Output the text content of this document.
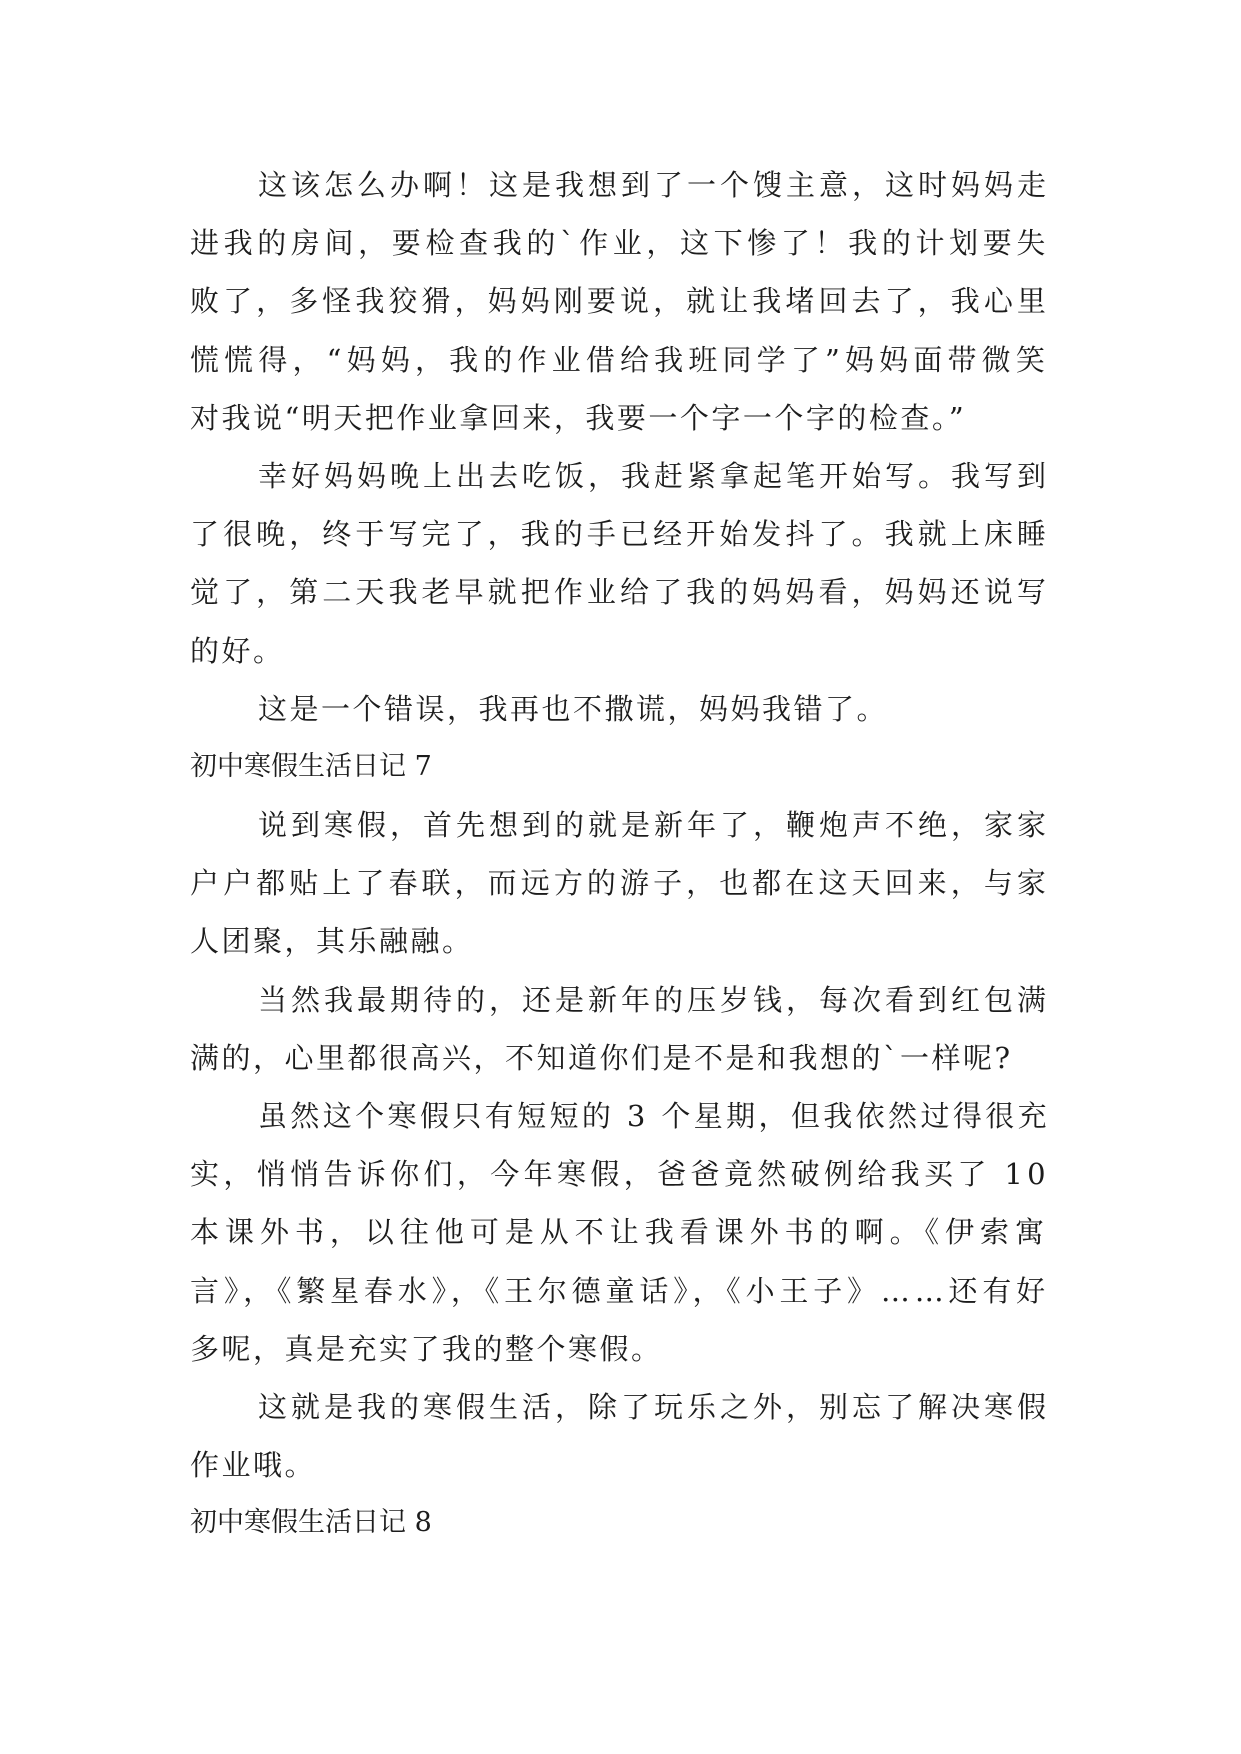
这该怎么办啊！这是我想到了一个馊主意，这时妈妈走
进我的房间，要检查我的`作业，这下惨了！我的计划要失
败了，多怪我狡猾，妈妈刚要说，就让我堵回去了，我心里
慌慌得，“妈妈，我的作业借给我班同学了”妈妈面带微笑
对我说“明天把作业拿回来，我要一个字一个字的检查。”
幸好妈妈晚上出去吃饭，我赶紧拿起笔开始写。我写到
了很晚，终于写完了，我的手已经开始发抖了。我就上床睡
觉了，第二天我老早就把作业给了我的妈妈看，妈妈还说写
的好。
这是一个错误，我再也不撒谎，妈妈我错了。
初中寒假生活日记 7
说到寒假，首先想到的就是新年了，鞭炮声不绝，家家
户户都贴上了春联，而远方的游子，也都在这天回来，与家
人团聚，其乐融融。
当然我最期待的，还是新年的压岁钱，每次看到红包满
满的，心里都很高兴，不知道你们是不是和我想的`一样呢?
虽然这个寒假只有短短的 3 个星期，但我依然过得很充
实，悄悄告诉你们，今年寒假，爸爸竟然破例给我买了 10
本课外书，以往他可是从不让我看课外书的啊。《伊索寓
言》，《繁星春水》，《王尔德童话》，《小王子》……还有好
多呢，真是充实了我的整个寒假。
这就是我的寒假生活，除了玩乐之外，别忘了解决寒假
作业哦。
初中寒假生活日记 8
